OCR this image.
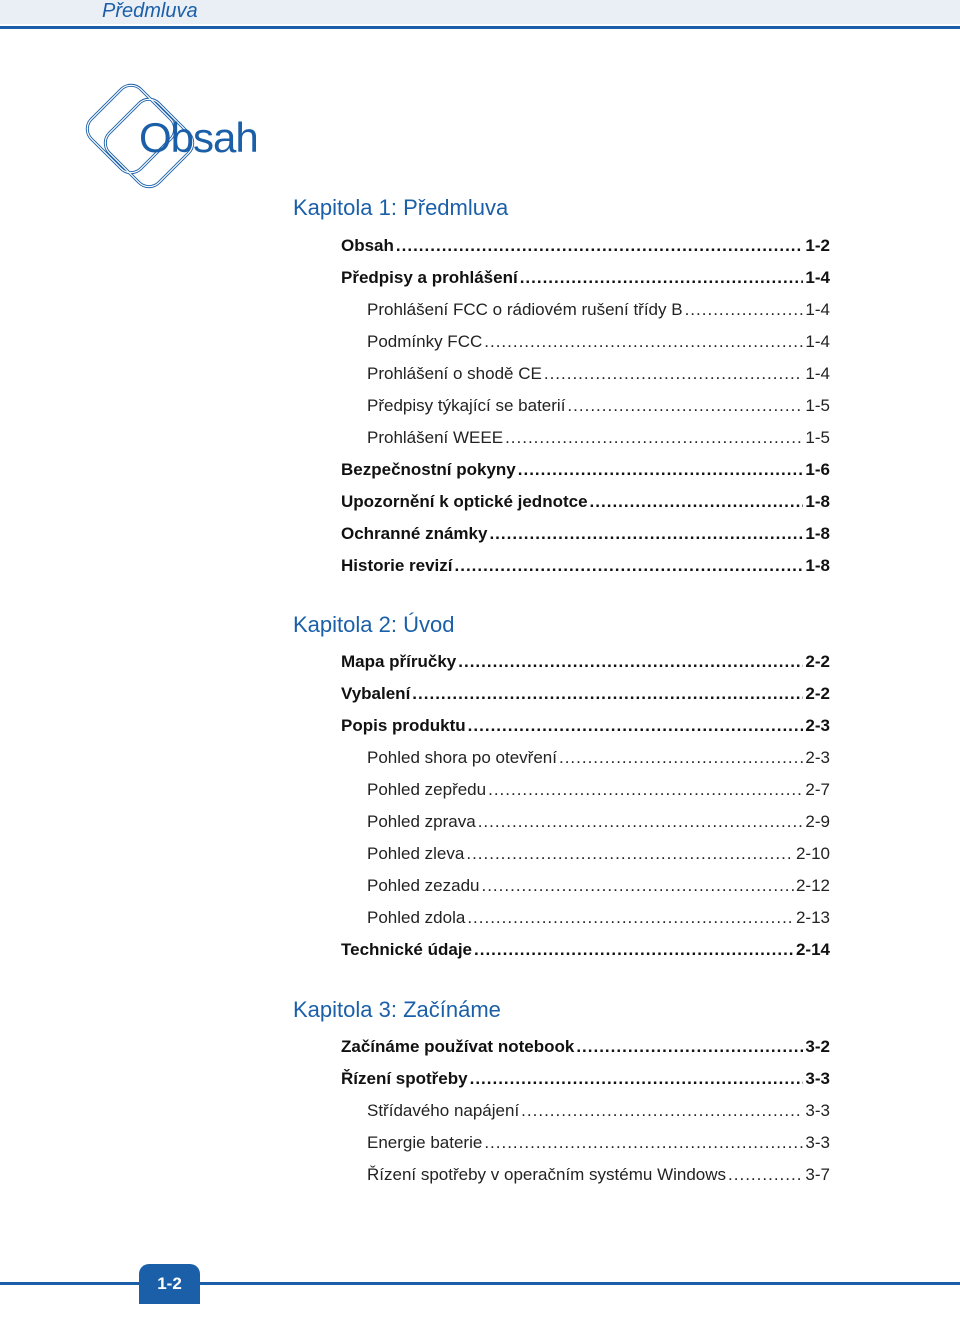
Předmluva
Obsah
Kapitola 1: Předmluva
Obsah .....	1-2
Předpisy a prohlášení .....	1-4
Prohlášení FCC o rádiovém rušení třídy B .....	1-4
Podmínky FCC .....	1-4
Prohlášení o shodě CE .....	1-4
Předpisy týkající se baterií .....	1-5
Prohlášení WEEE .....	1-5
Bezpečnostní pokyny .....	1-6
Upozornění k optické jednotce .....	1-8
Ochranné známky .....	1-8
Historie revizí .....	1-8
Kapitola 2: Úvod
Mapa příručky .....	2-2
Vybalení .....	2-2
Popis produktu .....	2-3
Pohled shora po otevření .....	2-3
Pohled zepředu .....	2-7
Pohled zprava .....	2-9
Pohled zleva .....	2-10
Pohled zezadu .....	2-12
Pohled zdola .....	2-13
Technické údaje .....	2-14
Kapitola 3: Začínáme
Začínáme používat notebook .....	3-2
Řízení spotřeby .....	3-3
Střídavého napájení .....	3-3
Energie baterie .....	3-3
Řízení spotřeby v operačním systému Windows .....	3-7
1-2
